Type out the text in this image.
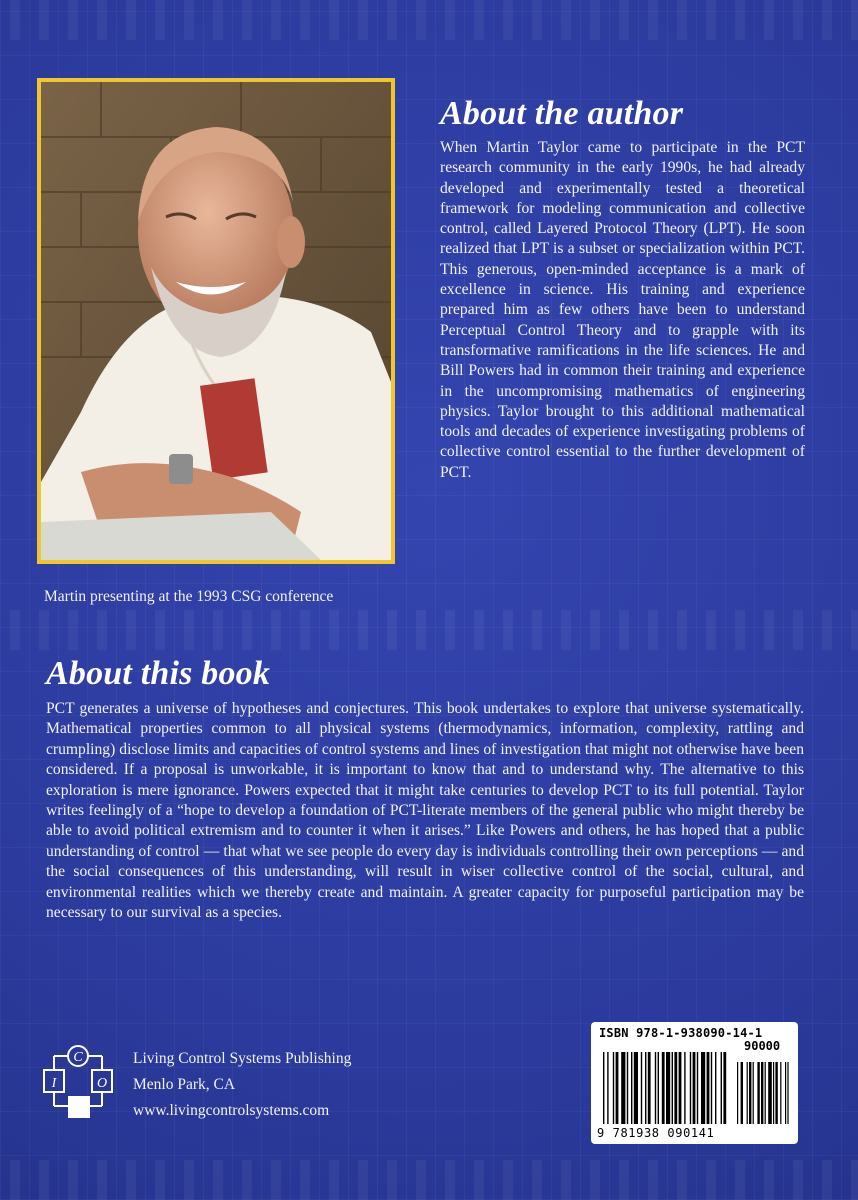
Martin presenting at the 1993 CSG conference
About the author

When Martin Taylor came to participate in the PCT research community in the early 1990s, he had already developed and experimentally tested a theoretical framework for modeling communication and collective control, called Layered Protocol Theory (LPT). He soon realized that LPT is a subset or specialization within PCT. This generous, open-minded acceptance is a mark of excellence in science. His training and experience prepared him as few others have been to understand Perceptual Control Theory and to grapple with its transformative ramifications in the life sciences. He and Bill Powers had in common their training and experience in the uncompromising mathematics of engineering physics. Taylor brought to this additional mathematical tools and decades of experience investigating problems of collective control essential to the further development of PCT.

About this book

PCT generates a universe of hypotheses and conjectures. This book undertakes to explore that universe systematically. Mathematical properties common to all physical systems (thermodynamics, information, complexity, rattling and crumpling) disclose limits and capacities of control systems and lines of investigation that might not otherwise have been considered. If a proposal is unworkable, it is important to know that and to understand why. The alternative to this exploration is mere ignorance. Powers expected that it might take centuries to develop PCT to its full potential. Taylor writes feelingly of a “hope to develop a foundation of PCT-literate members of the general public who might thereby be able to avoid political extremism and to counter it when it arises.” Like Powers and others, he has hoped that a public understanding of control — that what we see people do every day is individuals controlling their own perceptions — and the social consequences of this understanding, will result in wiser collective control of the social, cultural, and environmental realities which we thereby create and maintain. A greater capacity for purposeful participation may be necessary to our survival as a species.

C
I	O
Living Control Systems Publishing
Menlo Park, CA
www.livingcontrolsystems.com
ISBN 978-1-938090-14-1
90000
9 781938 090141
